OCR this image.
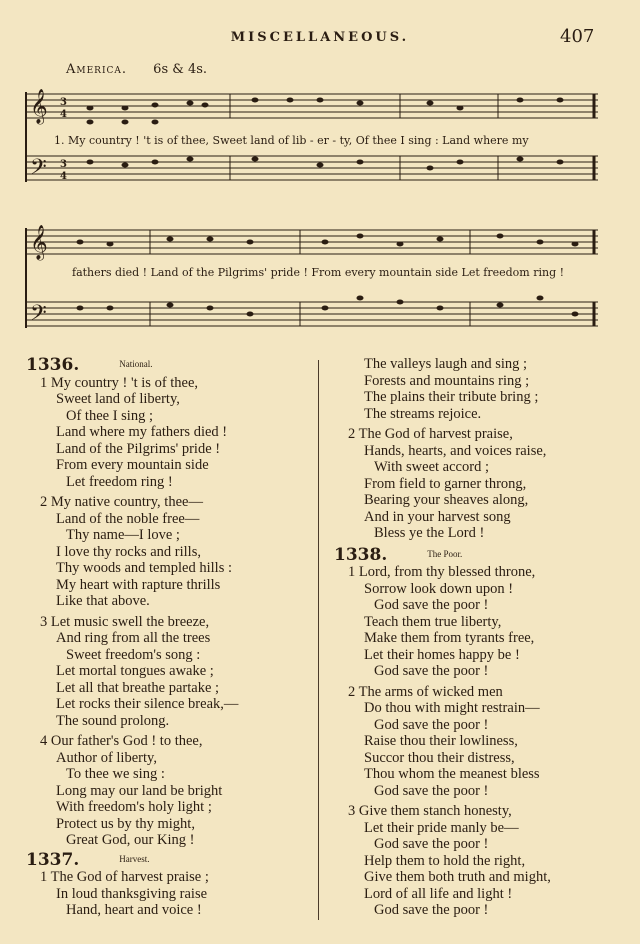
MISCELLANEOUS.	407
America. 6s & 4s.
𝄞
𝄢
3
4
3
4
1. My country ! 't is of thee, Sweet land of lib - er - ty, Of thee I sing : Land where my
𝄞
𝄢
fathers died ! Land of the Pilgrims' pride ! From every mountain side Let freedom ring !
1336.	$^{National.}$
1 My country ! 't is of thee,
Sweet land of liberty,
Of thee I sing ;
Land where my fathers died !
Land of the Pilgrims' pride !
From every mountain side
Let freedom ring !
2 My native country, thee—
Land of the noble free—
Thy name—I love ;
I love thy rocks and rills,
Thy woods and templed hills :
My heart with rapture thrills
Like that above.
3 Let music swell the breeze,
And ring from all the trees
Sweet freedom's song :
Let mortal tongues awake ;
Let all that breathe partake ;
Let rocks their silence break,—
The sound prolong.
4 Our father's God ! to thee,
Author of liberty,
To thee we sing :
Long may our land be bright
With freedom's holy light ;
Protect us by thy might,
Great God, our King !
1337.	$^{Harvest.}$
1 The God of harvest praise ;
In loud thanksgiving raise
Hand, heart and voice !
The valleys laugh and sing ;
Forests and mountains ring ;
The plains their tribute bring ;
The streams rejoice.
2 The God of harvest praise,
Hands, hearts, and voices raise,
With sweet accord ;
From field to garner throng,
Bearing your sheaves along,
And in your harvest song
Bless ye the Lord !
1338.	$^{The Poor.}$
1 Lord, from thy blessed throne,
Sorrow look down upon !
God save the poor !
Teach them true liberty,
Make them from tyrants free,
Let their homes happy be !
God save the poor !
2 The arms of wicked men
Do thou with might restrain—
God save the poor !
Raise thou their lowliness,
Succor thou their distress,
Thou whom the meanest bless
God save the poor !
3 Give them stanch honesty,
Let their pride manly be—
God save the poor !
Help them to hold the right,
Give them both truth and might,
Lord of all life and light !
God save the poor !
